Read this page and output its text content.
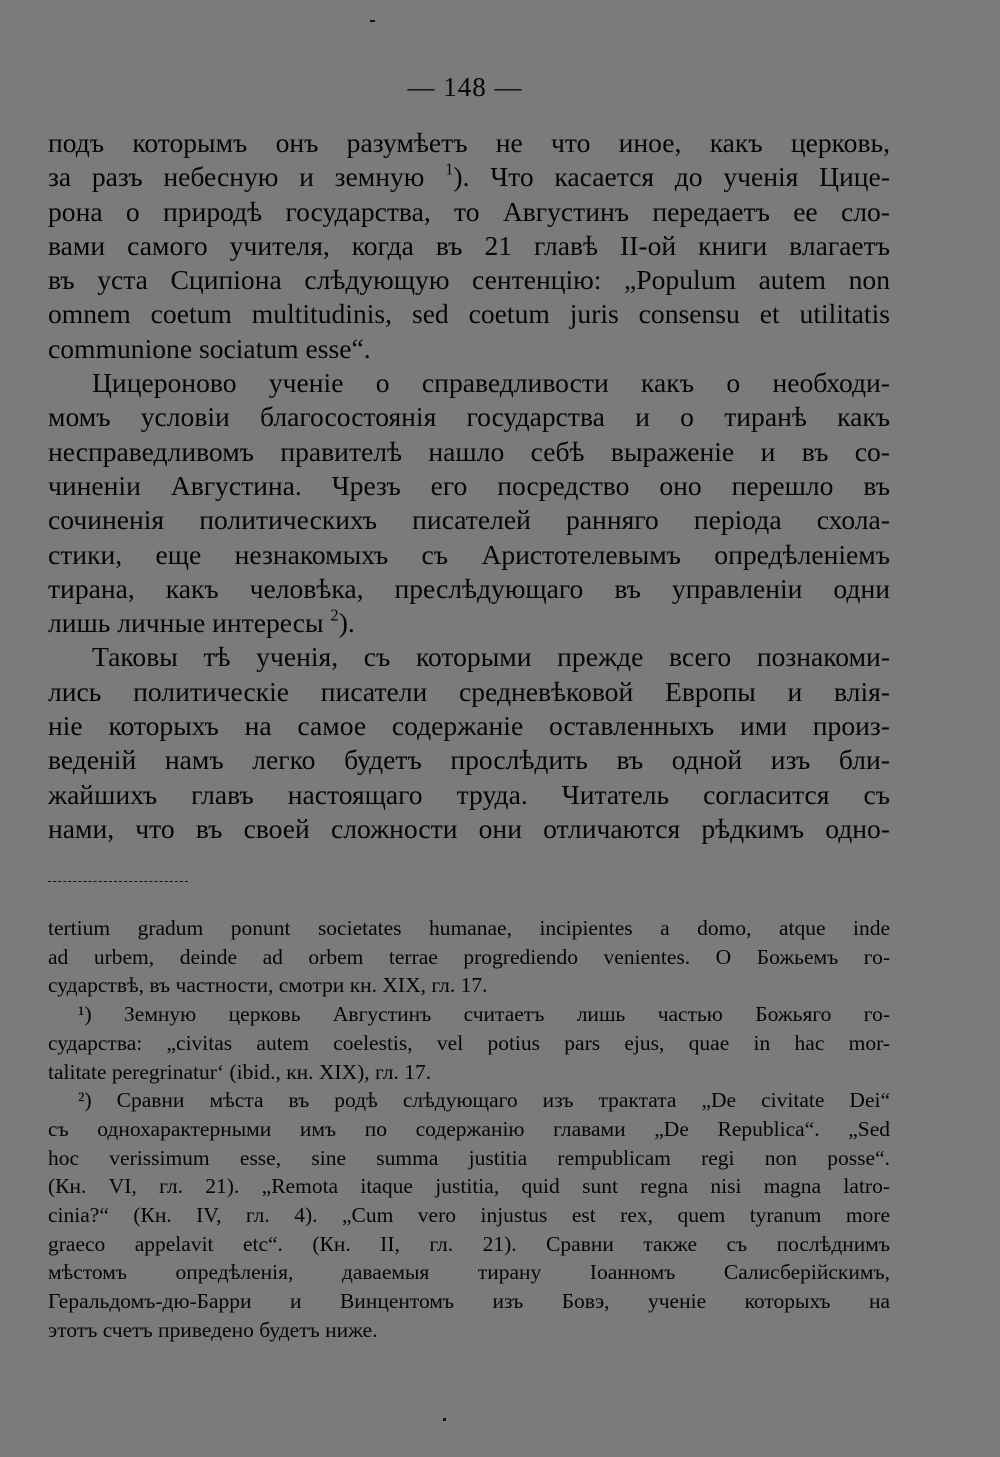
— 148 —
подъ которымъ онъ разумѣетъ не что иное, какъ церковь,
за разъ небесную и земную $^1$). Что касается до ученія Цице-
рона о природѣ государства, то Августинъ передаетъ ее сло-
вами самого учителя, когда въ 21 главѣ II-ой книги влагаетъ
въ уста Сципіона слѣдующую сентенцію: „Populum autem non
omnem coetum multitudinis, sed coetum juris consensu et utilitatis
communione sociatum esse“.
Цицероново ученіе о справедливости какъ о необходи-
момъ условіи благосостоянія государства и о тиранѣ какъ
несправедливомъ правителѣ нашло себѣ выраженіе и въ со-
чиненіи Августина. Чрезъ его посредство оно перешло въ
сочиненія политическихъ писателей ранняго періода схола-
стики, еще незнакомыхъ съ Аристотелевымъ опредѣленіемъ
тирана, какъ человѣка, преслѣдующаго въ управленіи одни
лишь личные интересы $^2$).
Таковы тѣ ученія, съ которыми прежде всего познакоми-
лись политическіе писатели средневѣковой Европы и влія-
ніе которыхъ на самое содержаніе оставленныхъ ими произ-
веденій намъ легко будетъ прослѣдить въ одной изъ бли-
жайшихъ главъ настоящаго труда. Читатель согласится съ
нами, что въ своей сложности они отличаются рѣдкимъ одно-
tertium gradum ponunt societates humanae, incipientes a domo, atque inde
ad urbem, deinde ad orbem terrae progrediendo venientes. О Божьемъ го-
сударствѣ, въ частности, смотри кн. XIX, гл. 17.
¹) Земную церковь Августинъ считаетъ лишь частью Божьяго го-
сударства: „civitas autem coelestis, vel potius pars ejus, quae in hac mor-
talitate peregrinatur‘ (ibid., кн. XIX), гл. 17.
²) Сравни мѣста въ родѣ слѣдующаго изъ трактата „De civitate Dei“
съ однохарактерными имъ по содержанію главами „De Republica“. „Sed
hoc verissimum esse, sine summa justitia rempublicam regi non posse“.
(Кн. VI, гл. 21). „Remota itaque justitia, quid sunt regna nisi magna latro-
cinia?“ (Кн. IV, гл. 4). „Cum vero injustus est rex, quem tyranum more
graeco appelavit etc“. (Кн. II, гл. 21). Сравни также съ послѣднимъ
мѣстомъ опредѣленія, даваемыя тирану Іоанномъ Салисберійскимъ,
Геральдомъ-дю-Барри и Винцентомъ изъ Бовэ, ученіе которыхъ на
этотъ счетъ приведено будетъ ниже.
